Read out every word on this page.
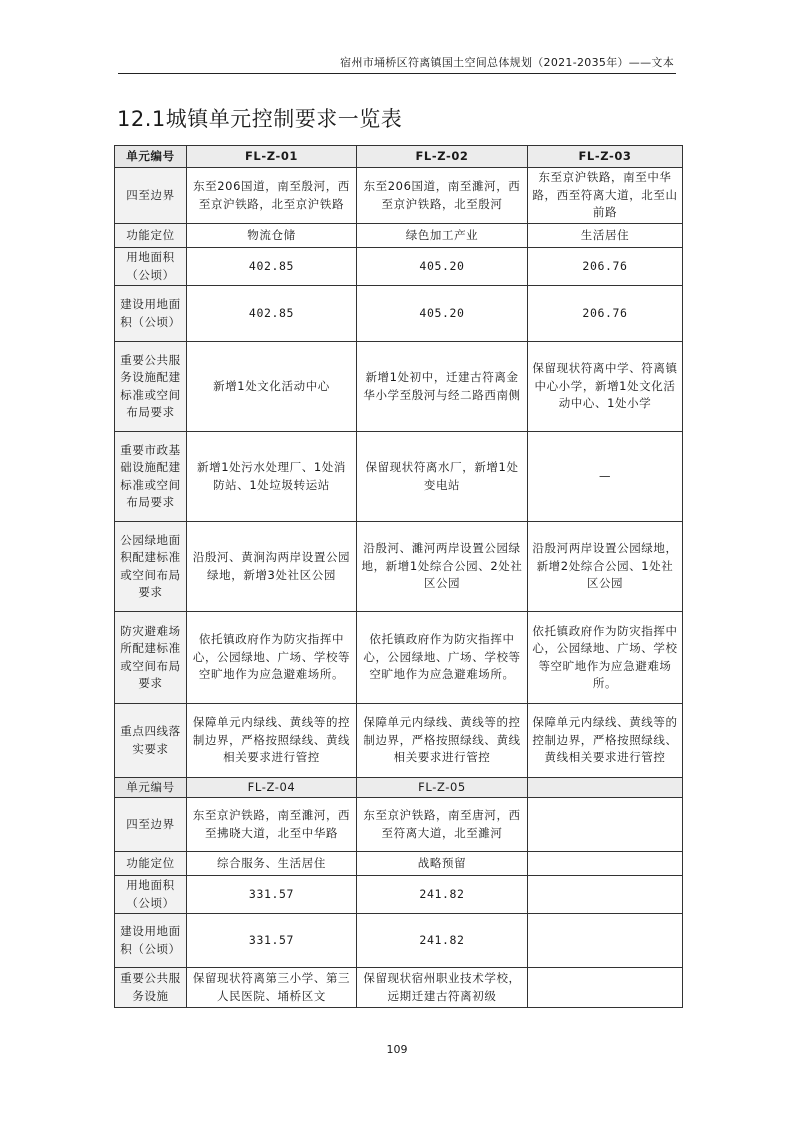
宿州市埇桥区符离镇国土空间总体规划（2021-2035年）——文本
12.1城镇单元控制要求一览表
单元编号	FL-Z-01	FL-Z-02	FL-Z-03
四至边界	东至206国道，南至殷河，西至京沪铁路，北至京沪铁路	东至206国道，南至濉河，西至京沪铁路，北至殷河	东至京沪铁路，南至中华路，西至符离大道，北至山前路
功能定位	物流仓储	绿色加工产业	生活居住
用地面积（公顷）	402.85	405.20	206.76
建设用地面积（公顷）	402.85	405.20	206.76
重要公共服务设施配建标准或空间布局要求	新增1处文化活动中心	新增1处初中，迁建古符离金华小学至殷河与经二路西南侧	保留现状符离中学、符离镇中心小学，新增1处文化活动中心、1处小学
重要市政基础设施配建标准或空间布局要求	新增1处污水处理厂、1处消防站、1处垃圾转运站	保留现状符离水厂，新增1处变电站	—
公园绿地面积配建标准或空间布局要求	沿殷河、黄涧沟两岸设置公园绿地，新增3处社区公园	沿殷河、濉河两岸设置公园绿地，新增1处综合公园、2处社区公园	沿殷河两岸设置公园绿地，新增2处综合公园、1处社区公园
防灾避难场所配建标准或空间布局要求	依托镇政府作为防灾指挥中心，公园绿地、广场、学校等空旷地作为应急避难场所。	依托镇政府作为防灾指挥中心，公园绿地、广场、学校等空旷地作为应急避难场所。	依托镇政府作为防灾指挥中心，公园绿地、广场、学校等空旷地作为应急避难场所。
重点四线落实要求	保障单元内绿线、黄线等的控制边界，严格按照绿线、黄线相关要求进行管控	保障单元内绿线、黄线等的控制边界，严格按照绿线、黄线相关要求进行管控	保障单元内绿线、黄线等的控制边界，严格按照绿线、黄线相关要求进行管控
单元编号	FL-Z-04	FL-Z-05	
四至边界	东至京沪铁路，南至濉河，西至拂晓大道，北至中华路	东至京沪铁路，南至唐河，西至符离大道，北至濉河	
功能定位	综合服务、生活居住	战略预留	
用地面积（公顷）	331.57	241.82	
建设用地面积（公顷）	331.57	241.82	
重要公共服务设施	保留现状符离第三小学、第三人民医院、埇桥区文	保留现状宿州职业技术学校，远期迁建古符离初级	
109
